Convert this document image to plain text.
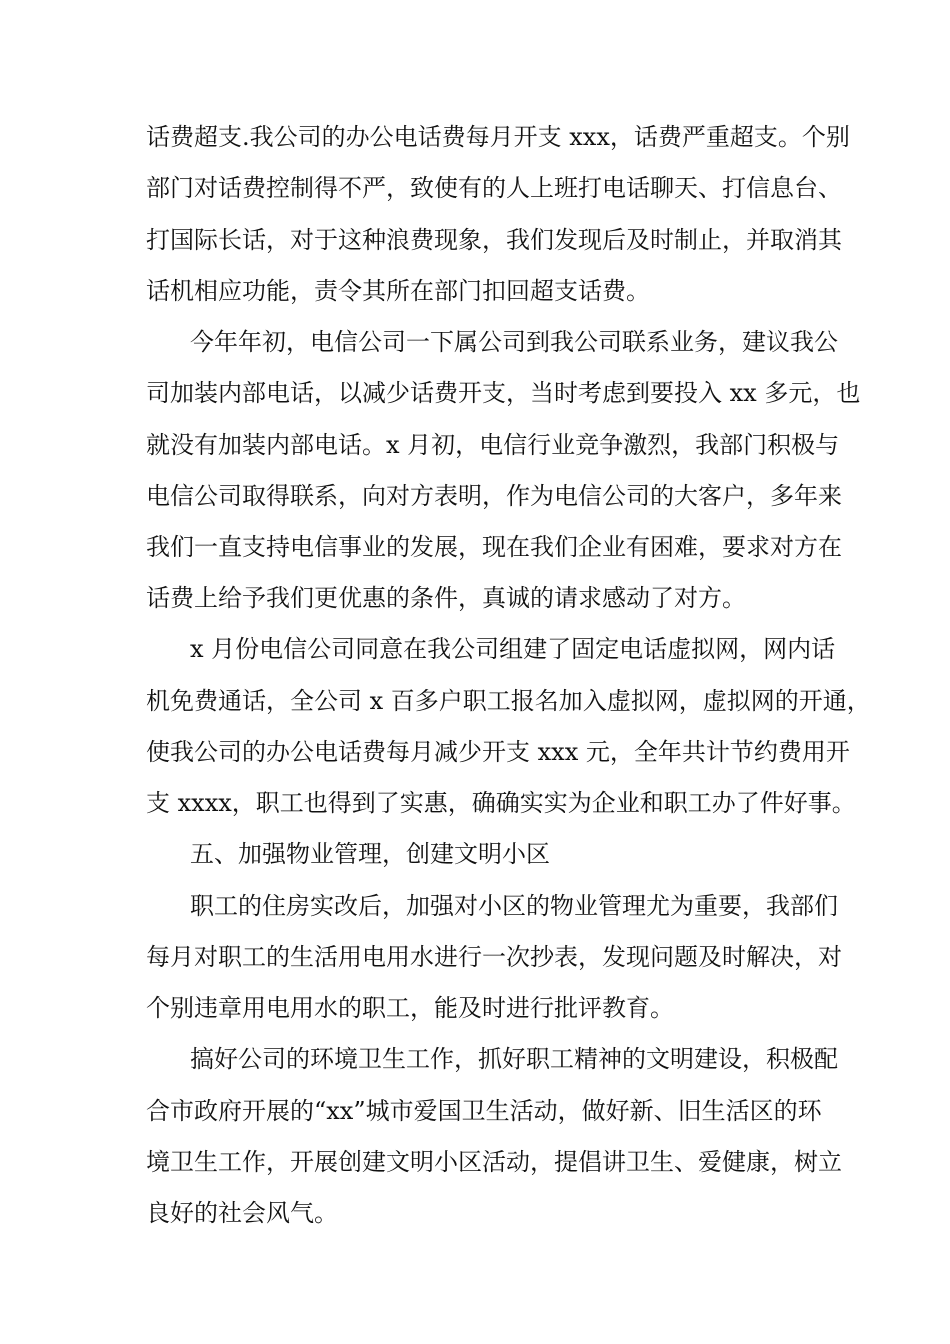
话费超支.我公司的办公电话费每月开支 xxx，话费严重超支。个别
部门对话费控制得不严，致使有的人上班打电话聊天、打信息台、
打国际长话，对于这种浪费现象，我们发现后及时制止，并取消其
话机相应功能，责令其所在部门扣回超支话费。
今年年初，电信公司一下属公司到我公司联系业务，建议我公
司加装内部电话，以减少话费开支，当时考虑到要投入 xx 多元，也
就没有加装内部电话。x 月初，电信行业竞争激烈，我部门积极与
电信公司取得联系，向对方表明，作为电信公司的大客户，多年来
我们一直支持电信事业的发展，现在我们企业有困难，要求对方在
话费上给予我们更优惠的条件，真诚的请求感动了对方。
x 月份电信公司同意在我公司组建了固定电话虚拟网，网内话
机免费通话，全公司 x 百多户职工报名加入虚拟网，虚拟网的开通，
使我公司的办公电话费每月减少开支 xxx 元，全年共计节约费用开
支 xxxx，职工也得到了实惠，确确实实为企业和职工办了件好事。
五、加强物业管理，创建文明小区
职工的住房实改后，加强对小区的物业管理尤为重要，我部们
每月对职工的生活用电用水进行一次抄表，发现问题及时解决，对
个别违章用电用水的职工，能及时进行批评教育。
搞好公司的环境卫生工作，抓好职工精神的文明建设，积极配
合市政府开展的“xx”城市爱国卫生活动，做好新、旧生活区的环
境卫生工作，开展创建文明小区活动，提倡讲卫生、爱健康，树立
良好的社会风气。
